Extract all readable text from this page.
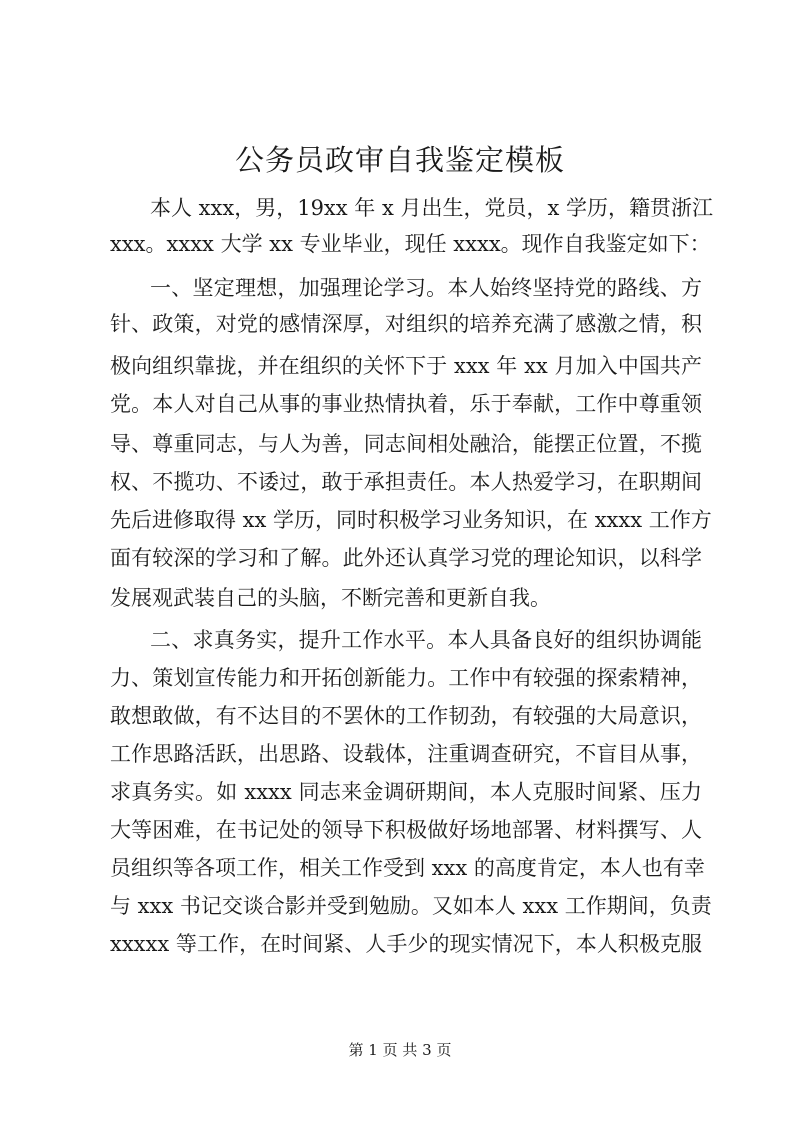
公务员政审自我鉴定模板
本人 xxx，男，19xx 年 x 月出生，党员，x 学历，籍贯浙江
xxx。xxxx 大学 xx 专业毕业，现任 xxxx。现作自我鉴定如下：
一、坚定理想，加强理论学习。本人始终坚持党的路线、方
针、政策，对党的感情深厚，对组织的培养充满了感激之情，积
极向组织靠拢，并在组织的关怀下于 xxx 年 xx 月加入中国共产
党。本人对自己从事的事业热情执着，乐于奉献，工作中尊重领
导、尊重同志，与人为善，同志间相处融洽，能摆正位置，不揽
权、不揽功、不诿过，敢于承担责任。本人热爱学习，在职期间
先后进修取得 xx 学历，同时积极学习业务知识，在 xxxx 工作方
面有较深的学习和了解。此外还认真学习党的理论知识，以科学
发展观武装自己的头脑，不断完善和更新自我。
二、求真务实，提升工作水平。本人具备良好的组织协调能
力、策划宣传能力和开拓创新能力。工作中有较强的探索精神，
敢想敢做，有不达目的不罢休的工作韧劲，有较强的大局意识，
工作思路活跃，出思路、设载体，注重调查研究，不盲目从事，
求真务实。如 xxxx 同志来金调研期间，本人克服时间紧、压力
大等困难，在书记处的领导下积极做好场地部署、材料撰写、人
员组织等各项工作，相关工作受到 xxx 的高度肯定，本人也有幸
与 xxx 书记交谈合影并受到勉励。又如本人 xxx 工作期间，负责
xxxxx 等工作，在时间紧、人手少的现实情况下，本人积极克服
第 1 页 共 3 页
